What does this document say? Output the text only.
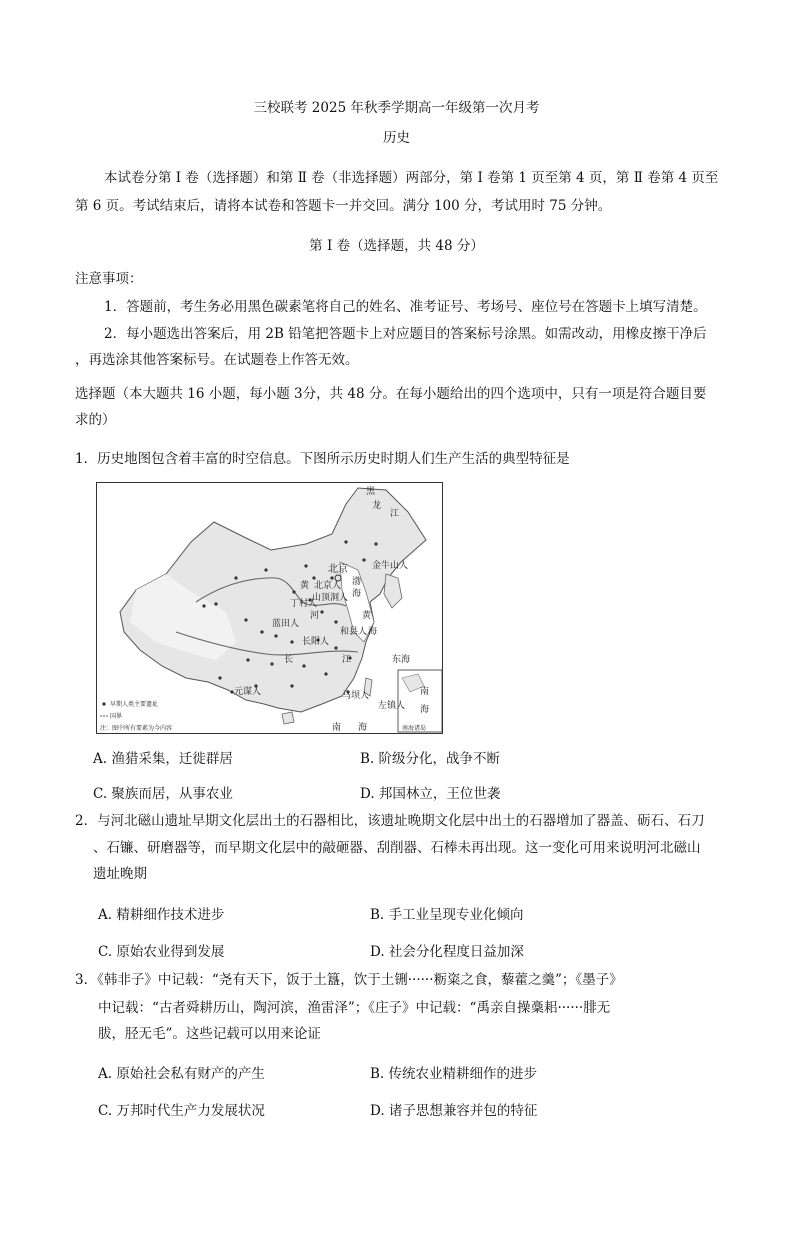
三校联考 2025 年秋季学期高一年级第一次月考
历史
本试卷分第 Ⅰ 卷（选择题）和第 Ⅱ 卷（非选择题）两部分，第 Ⅰ 卷第 1 页至第 4 页，第 Ⅱ 卷第 4 页至
第 6 页。考试结束后，请将本试卷和答题卡一并交回。满分 100 分，考试用时 75 分钟。
第 Ⅰ 卷（选择题，共 48 分）
注意事项：
1．答题前，考生务必用黑色碳素笔将自己的姓名、准考证号、考场号、座位号在答题卡上填写清楚。
2．每小题选出答案后，用 2B 铅笔把答题卡上对应题目的答案标号涂黑。如需改动，用橡皮擦干净后
，再选涂其他答案标号。在试题卷上作答无效。
选择题（本大题共 16 小题，每小题 3分，共 48 分。在每小题给出的四个选项中，只有一项是符合题目要
求的）
1．历史地图包含着丰富的时空信息。下图所示历史时期人们生产生活的典型特征是
黑
龙
江
北京	金牛山人
黄 北京人 渤
山顶洞人 海
丁村人
河
蓝田人
黄
和县人 海
长阳人
长	江	东海
元谋人	马坝人
左镇人
南 海
南
海
南海诸岛
早期人类主要遗址
国界
注：图中所有要素为今内容
A. 渔猎采集，迁徙群居	B. 阶级分化，战争不断
C. 聚族而居，从事农业	D. 邦国林立，王位世袭
2．与河北磁山遗址早期文化层出土的石器相比，该遗址晚期文化层中出土的石器增加了器盖、砺石、石刀
、石镰、研磨器等，而早期文化层中的敲砸器、刮削器、石棒未再出现。这一变化可用来说明河北磁山
遗址晚期
A. 精耕细作技术进步	B. 手工业呈现专业化倾向
C. 原始农业得到发展	D. 社会分化程度日益加深
3．《韩非子》中记载：“尧有天下，饭于土簋，饮于土铏······粝粢之食，藜藿之羹”；《墨子》
中记载：“古者舜耕历山，陶河滨，渔雷泽”；《庄子》中记载：“禹亲自操稾耜······腓无
胈，胫无毛”。这些记载可以用来论证
A. 原始社会私有财产的产生	B. 传统农业精耕细作的进步
C. 万邦时代生产力发展状况	D. 诸子思想兼容并包的特征
